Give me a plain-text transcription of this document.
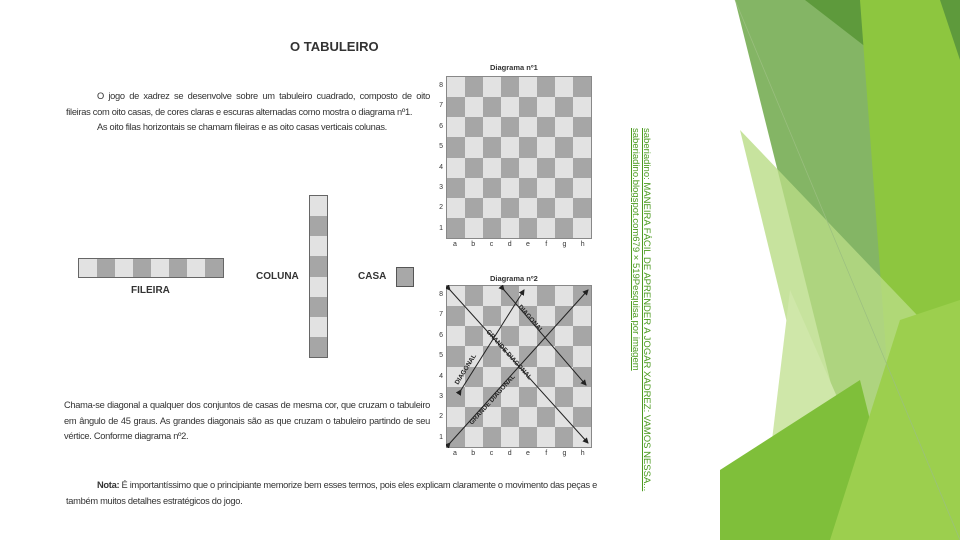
O TABULEIRO
O jogo de xadrez se desenvolve sobre um tabuleiro cuadrado, composto de oito fileiras com oito casas, de cores claras e escuras alternadas como mostra o diagrama nº1.
As oito filas horizontais se chamam fileiras e as oito casas verticais colunas.
FILEIRA
COLUNA	CASA
Diagrama nº1
Diagrama nº2
DIAGONAL
DIAGONAL
GRANDE DIAGONAL
GRANDE DIAGONAL
8
7
6
5
4
3
2
1
a	b	c	d	e	f	g	h
8
7
6
5
4
3
2
1
a	b	c	d	e	f	g	h
Chama-se diagonal a qualquer dos conjuntos de casas de mesma cor, que cruzam o tabuleiro em ângulo de 45 graus. As grandes diagonais são as que cruzam o tabuleiro partindo de seu vértice. Conforme diagrama nº2.
Nota: É importantíssimo que o principiante memorize bem esses termos, pois eles explicam claramente o movimento das peças e também muitos detalhes estratégicos do jogo.
saberiadino: MANEIRA FÁCIL DE APRENDER A JOGAR XADREZ: VAMOS NESSA... saberiadino.blogspot.com679 × 519Pesquisa por imagem
